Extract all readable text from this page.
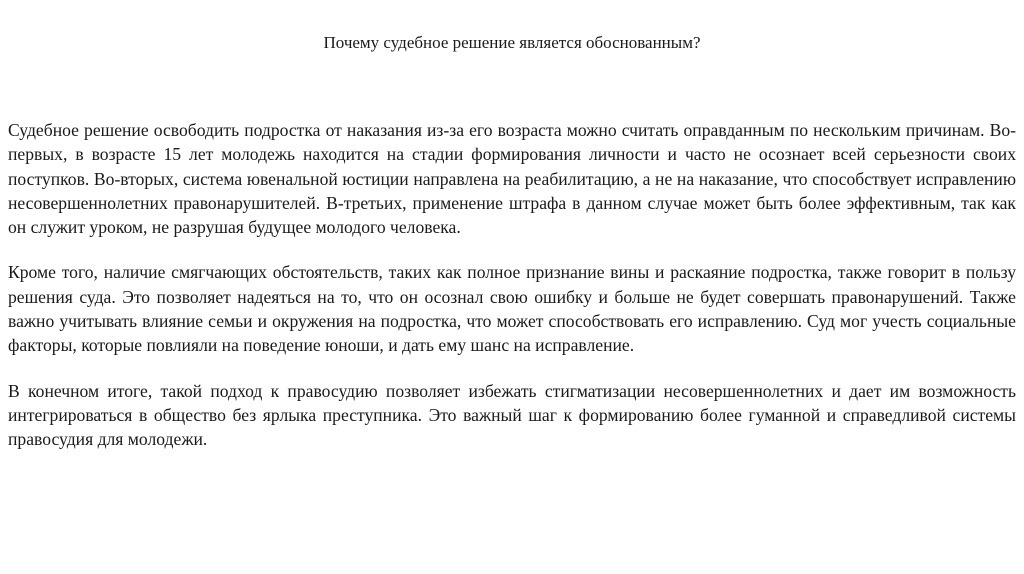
Почему судебное решение является обоснованным?

Судебное решение освободить подростка от наказания из-за его возраста можно считать оправданным по нескольким причинам. Во-первых, в возрасте 15 лет молодежь находится на стадии формирования личности и часто не осознает всей серьезности своих поступков. Во-вторых, система ювенальной юстиции направлена на реабилитацию, а не на наказание, что способствует исправлению несовершеннолетних правонарушителей. В-третьих, применение штрафа в данном случае может быть более эффективным, так как он служит уроком, не разрушая будущее молодого человека.

Кроме того, наличие смягчающих обстоятельств, таких как полное признание вины и раскаяние подростка, также говорит в пользу решения суда. Это позволяет надеяться на то, что он осознал свою ошибку и больше не будет совершать правонарушений. Также важно учитывать влияние семьи и окружения на подростка, что может способствовать его исправлению. Суд мог учесть социальные факторы, которые повлияли на поведение юноши, и дать ему шанс на исправление.

В конечном итоге, такой подход к правосудию позволяет избежать стигматизации несовершеннолетних и дает им возможность интегрироваться в общество без ярлыка преступника. Это важный шаг к формированию более гуманной и справедливой системы правосудия для молодежи.
